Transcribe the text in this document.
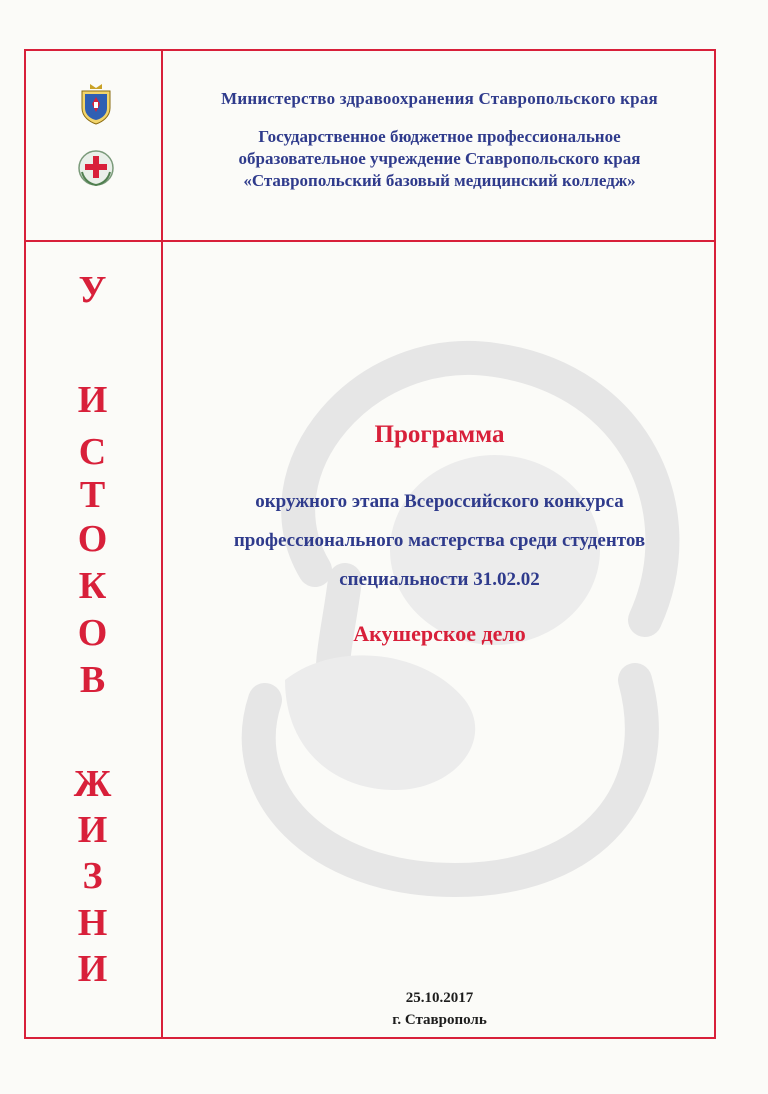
Министерство здравоохранения Ставропольского края
Государственное бюджетное профессиональное
образовательное учреждение Ставропольского края
«Ставропольский базовый медицинский колледж»
У
И
С
Т
О
К
О
В
Ж
И
З
Н
И
Программа
окружного этапа Всероссийского конкурса
профессионального мастерства среди студентов
специальности 31.02.02
Акушерское дело
25.10.2017
г. Ставрополь
